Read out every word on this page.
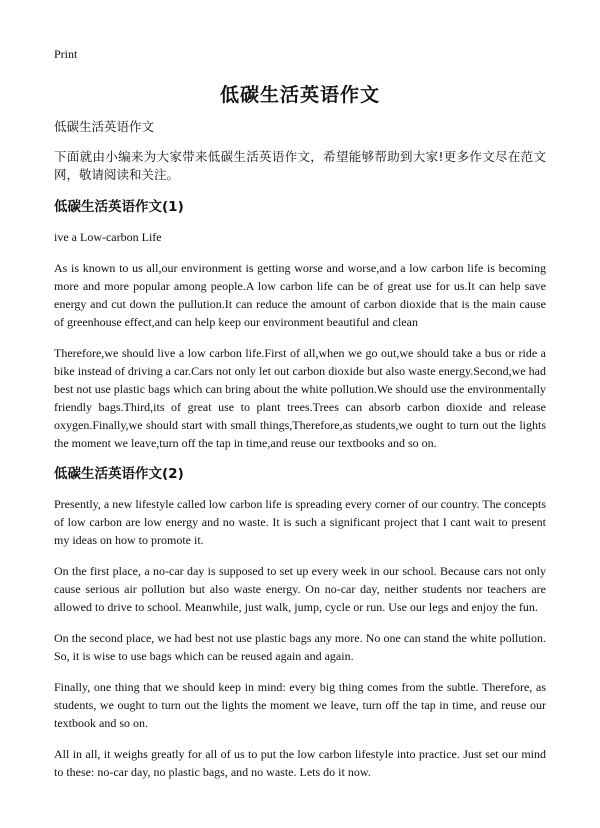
Print
低碳生活英语作文

低碳生活英语作文

下面就由小编来为大家带来低碳生活英语作文，希望能够帮助到大家!更多作文尽在范文网，敬请阅读和关注。

低碳生活英语作文(1)

ive a Low-carbon Life

As is known to us all,our environment is getting worse and worse,and a low carbon life is becoming more and more popular among people.A low carbon life can be of great use for us.It can help save energy and cut down the pullution.It can reduce the amount of carbon dioxide that is the main cause of greenhouse effect,and can help keep our environment beautiful and clean

Therefore,we should live a low carbon life.First of all,when we go out,we should take a bus or ride a bike instead of driving a car.Cars not only let out carbon dioxide but also waste energy.Second,we had best not use plastic bags which can bring about the white pollution.We should use the environmentally friendly bags.Third,its of great use to plant trees.Trees can absorb carbon dioxide and release oxygen.Finally,we should start with small things,Therefore,as students,we ought to turn out the lights the moment we leave,turn off the tap in time,and reuse our textbooks and so on.

低碳生活英语作文(2)

Presently, a new lifestyle called low carbon life is spreading every corner of our country. The concepts of low carbon are low energy and no waste. It is such a significant project that I cant wait to present my ideas on how to promote it.

On the first place, a no-car day is supposed to set up every week in our school. Because cars not only cause serious air pollution but also waste energy. On no-car day, neither students nor teachers are allowed to drive to school. Meanwhile, just walk, jump, cycle or run. Use our legs and enjoy the fun.

On the second place, we had best not use plastic bags any more. No one can stand the white pollution. So, it is wise to use bags which can be reused again and again.

Finally, one thing that we should keep in mind: every big thing comes from the subtle. Therefore, as students, we ought to turn out the lights the moment we leave, turn off the tap in time, and reuse our textbook and so on.

All in all, it weighs greatly for all of us to put the low carbon lifestyle into practice. Just set our mind to these: no-car day, no plastic bags, and no waste. Lets do it now.
